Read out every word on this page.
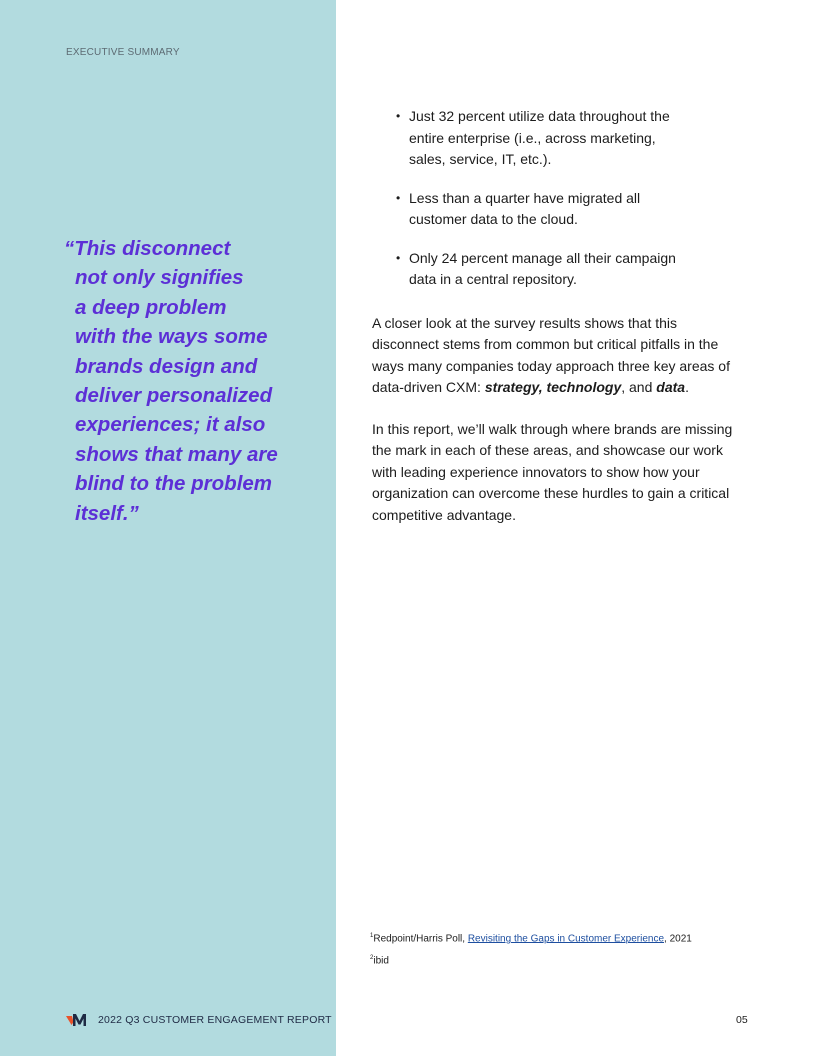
EXECUTIVE SUMMARY
“This disconnect
not only signifies
a deep problem
with the ways some
brands design and
deliver personalized
experiences; it also
shows that many are
blind to the problem
itself.”
2022 Q3 CUSTOMER ENGAGEMENT REPORT
• Just 32 percent utilize data throughout the entire enterprise (i.e., across marketing, sales, service, IT, etc.).
• Less than a quarter have migrated all customer data to the cloud.
• Only 24 percent manage all their campaign data in a central repository.

A closer look at the survey results shows that this disconnect stems from common but critical pitfalls in the ways many companies today approach three key areas of data-driven CXM: strategy, technology, and data.

In this report, we’ll walk through where brands are missing the mark in each of these areas, and showcase our work with leading experience innovators to show how your organization can overcome these hurdles to gain a critical competitive advantage.

$^1$Redpoint/Harris Poll, Revisiting the Gaps in Customer Experience, 2021
$^2$ibid
05
